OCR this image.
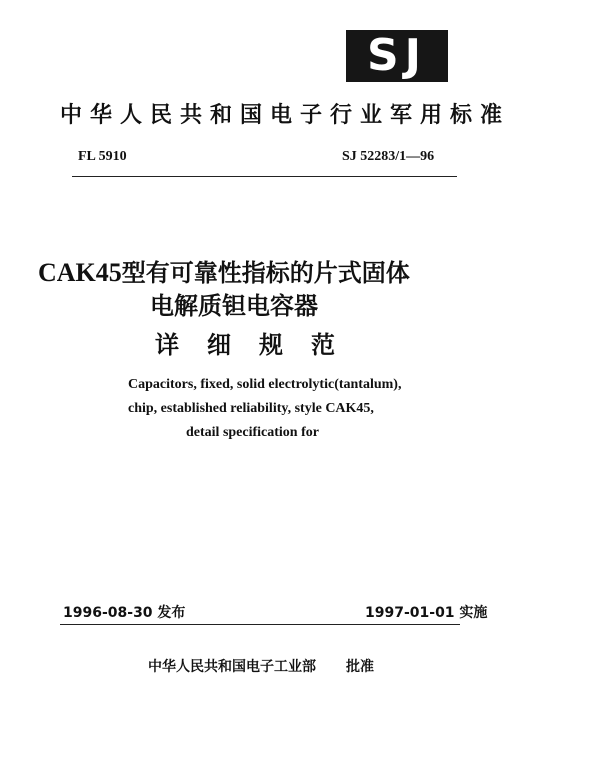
SJ
中华人民共和国电子行业军用标准
FL 5910	SJ 52283/1—96
CAK45型有可靠性指标的片式固体
电解质钽电容器
详细规范
Capacitors, fixed, solid electrolytic(tantalum),
chip, established reliability, style CAK45,
detail specification for
1996-08-30 发布	1997-01-01 实施
中华人民共和国电子工业部 批准
